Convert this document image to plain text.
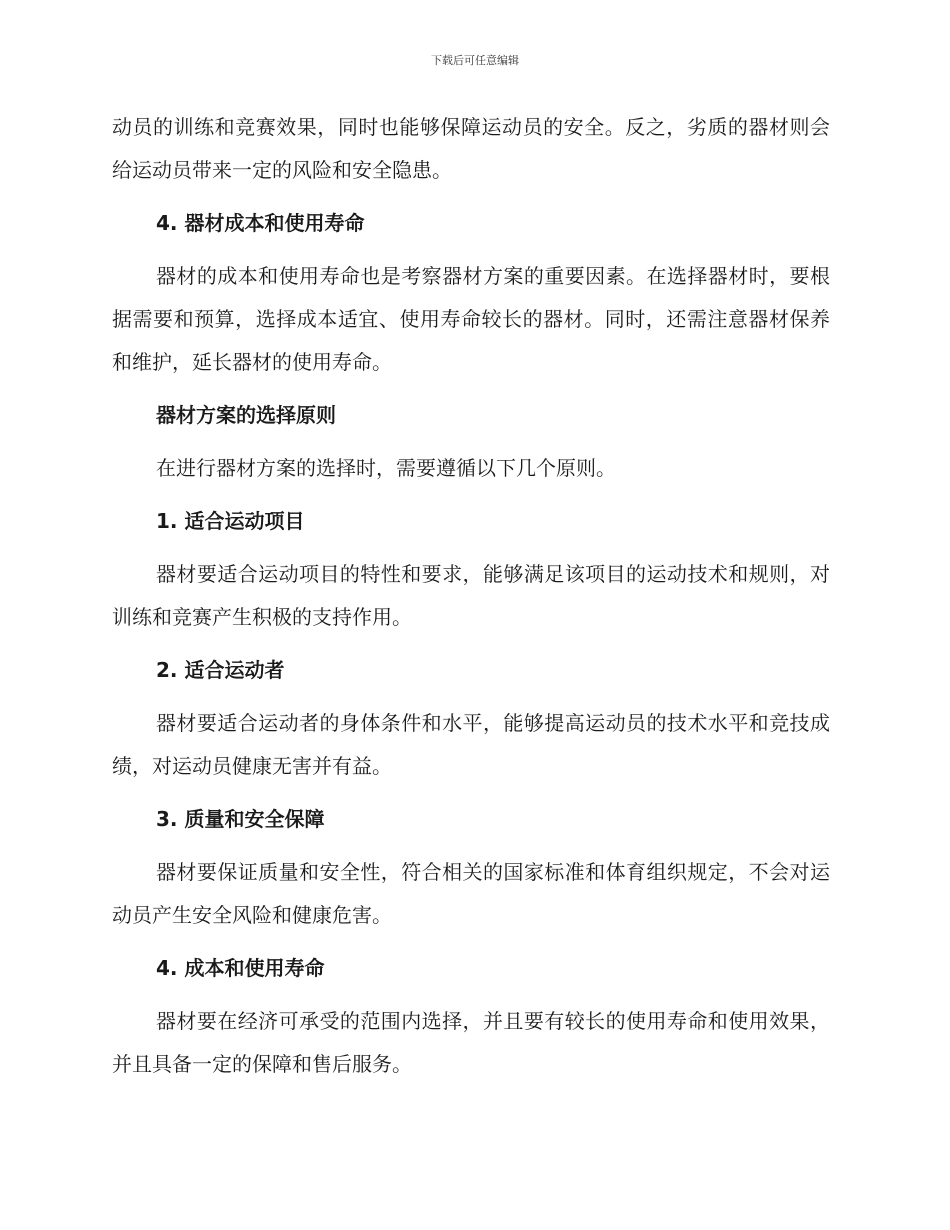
下载后可任意编辑

动员的训练和竞赛效果，同时也能够保障运动员的安全。反之，劣质的器材则会给运动员带来一定的风险和安全隐患。

4. 器材成本和使用寿命

器材的成本和使用寿命也是考察器材方案的重要因素。在选择器材时，要根据需要和预算，选择成本适宜、使用寿命较长的器材。同时，还需注意器材保养和维护，延长器材的使用寿命。

器材方案的选择原则

在进行器材方案的选择时，需要遵循以下几个原则。

1. 适合运动项目

器材要适合运动项目的特性和要求，能够满足该项目的运动技术和规则，对训练和竞赛产生积极的支持作用。

2. 适合运动者

器材要适合运动者的身体条件和水平，能够提高运动员的技术水平和竞技成绩，对运动员健康无害并有益。

3. 质量和安全保障

器材要保证质量和安全性，符合相关的国家标准和体育组织规定，不会对运动员产生安全风险和健康危害。

4. 成本和使用寿命

器材要在经济可承受的范围内选择，并且要有较长的使用寿命和使用效果，并且具备一定的保障和售后服务。
